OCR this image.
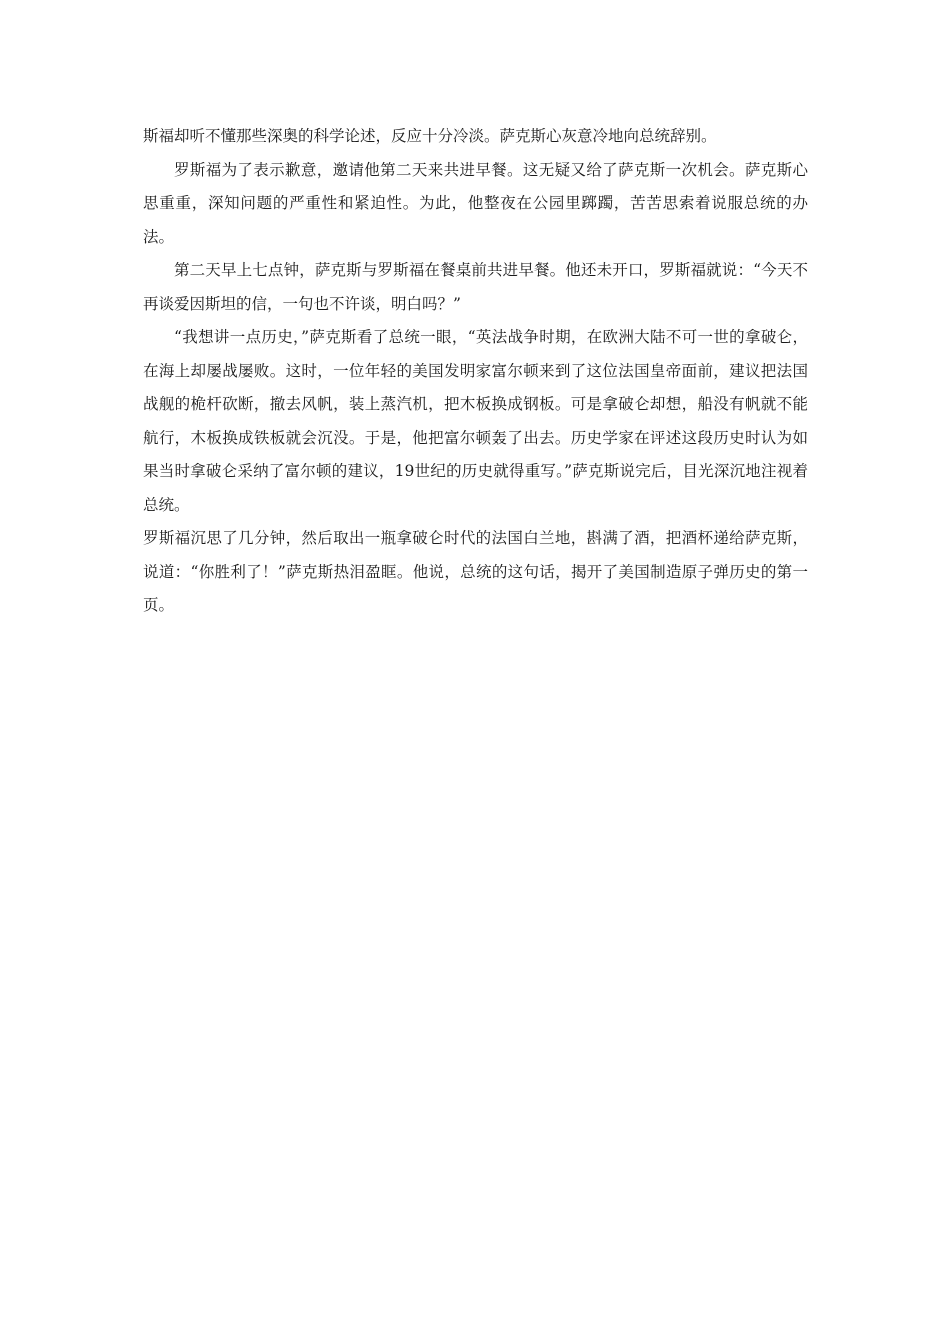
斯福却听不懂那些深奥的科学论述，反应十分冷淡。萨克斯心灰意冷地向总统辞别。

罗斯福为了表示歉意，邀请他第二天来共进早餐。这无疑又给了萨克斯一次机会。萨克斯心思重重，深知问题的严重性和紧迫性。为此，他整夜在公园里踯躅，苦苦思索着说服总统的办法。

第二天早上七点钟，萨克斯与罗斯福在餐桌前共进早餐。他还未开口，罗斯福就说：“今天不再谈爱因斯坦的信，一句也不许谈，明白吗？”

“我想讲一点历史，”萨克斯看了总统一眼，“英法战争时期，在欧洲大陆不可一世的拿破仑，在海上却屡战屡败。这时，一位年轻的美国发明家富尔顿来到了这位法国皇帝面前，建议把法国战舰的桅杆砍断，撤去风帆，装上蒸汽机，把木板换成钢板。可是拿破仑却想，船没有帆就不能航行，木板换成铁板就会沉没。于是，他把富尔顿轰了出去。历史学家在评述这段历史时认为如果当时拿破仑采纳了富尔顿的建议，19世纪的历史就得重写。”萨克斯说完后，目光深沉地注视着总统。

罗斯福沉思了几分钟，然后取出一瓶拿破仑时代的法国白兰地，斟满了酒，把酒杯递给萨克斯，说道：“你胜利了！”萨克斯热泪盈眶。他说，总统的这句话，揭开了美国制造原子弹历史的第一页。
